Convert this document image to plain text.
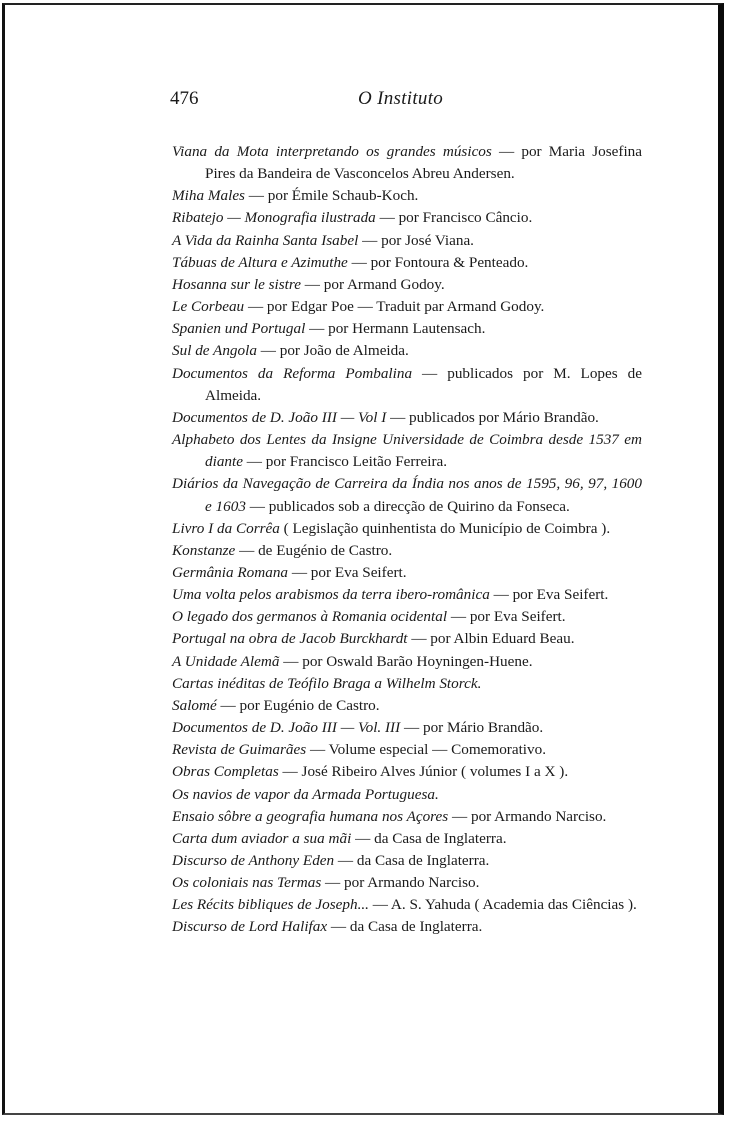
476	O Instituto
Viana da Mota interpretando os grandes músicos — por Maria Josefina Pires da Bandeira de Vasconcelos Abreu Andersen.
Miha Males — por Émile Schaub-Koch.
Ribatejo — Monografia ilustrada — por Francisco Câncio.
A Vida da Rainha Santa Isabel — por José Viana.
Tábuas de Altura e Azimuthe — por Fontoura & Penteado.
Hosanna sur le sistre — por Armand Godoy.
Le Corbeau — por Edgar Poe — Traduit par Armand Godoy.
Spanien und Portugal — por Hermann Lautensach.
Sul de Angola — por João de Almeida.
Documentos da Reforma Pombalina — publicados por M. Lopes de Almeida.
Documentos de D. João III — Vol I — publicados por Mário Brandão.
Alphabeto dos Lentes da Insigne Universidade de Coimbra desde 1537 em diante — por Francisco Leitão Ferreira.
Diários da Navegação de Carreira da Índia nos anos de 1595, 96, 97, 1600 e 1603 — publicados sob a direcção de Quirino da Fonseca.
Livro I da Corrêa ( Legislação quinhentista do Município de Coimbra ).
Konstanze — de Eugénio de Castro.
Germânia Romana — por Eva Seifert.
Uma volta pelos arabismos da terra ibero-românica — por Eva Seifert.
O legado dos germanos à Romania ocidental — por Eva Seifert.
Portugal na obra de Jacob Burckhardt — por Albin Eduard Beau.
A Unidade Alemã — por Oswald Barão Hoyningen-Huene.
Cartas inéditas de Teófilo Braga a Wilhelm Storck.
Salomé — por Eugénio de Castro.
Documentos de D. João III — Vol. III — por Mário Brandão.
Revista de Guimarães — Volume especial — Comemorativo.
Obras Completas — José Ribeiro Alves Júnior ( volumes I a X ).
Os navios de vapor da Armada Portuguesa.
Ensaio sôbre a geografia humana nos Açores — por Armando Narciso.
Carta dum aviador a sua mãi — da Casa de Inglaterra.
Discurso de Anthony Eden — da Casa de Inglaterra.
Os coloniais nas Termas — por Armando Narciso.
Les Récits bibliques de Joseph... — A. S. Yahuda ( Academia das Ciências ).
Discurso de Lord Halifax — da Casa de Inglaterra.
